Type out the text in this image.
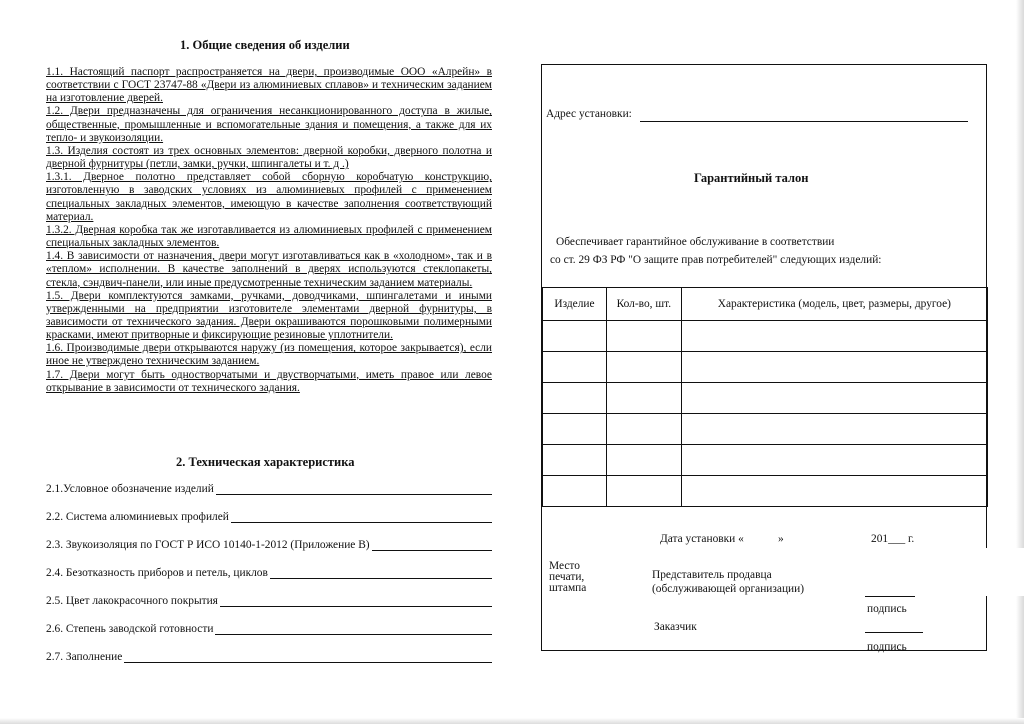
1. Общие сведения об изделии

1.1. Настоящий паспорт распространяется на двери, производимые ООО «Алрейн» в соответствии с ГОСТ 23747-88 «Двери из алюминиевых сплавов» и техническим заданием на изготовление дверей.

1.2. Двери предназначены для ограничения несанкционированного доступа в жилые, общественные, промышленные и вспомогательные здания и помещения, а также для их тепло- и звукоизоляции.

1.3. Изделия состоят из трех основных элементов: дверной коробки, дверного полотна и дверной фурнитуры (петли, замки, ручки, шпингалеты и т. д .)

1.3.1. Дверное полотно представляет собой сборную коробчатую конструкцию, изготовленную в заводских условиях из алюминиевых профилей с применением специальных закладных элементов, имеющую в качестве заполнения соответствующий материал.

1.3.2. Дверная коробка так же изготавливается из алюминиевых профилей с применением специальных закладных элементов.

1.4. В зависимости от назначения, двери могут изготавливаться как в «холодном», так и в «теплом» исполнении. В качестве заполнений в дверях используются стеклопакеты, стекла, сэндвич-панели, или иные предусмотренные техническим заданием материалы.

1.5. Двери комплектуются замками, ручками, доводчиками, шпингалетами и иными утвержденными на предприятии изготовителе элементами дверной фурнитуры, в зависимости от технического задания. Двери окрашиваются порошковыми полимерными красками, имеют притворные и фиксирующие резиновые уплотнители.

1.6. Производимые двери открываются наружу (из помещения, которое закрывается), если иное не утверждено техническим заданием.

1.7. Двери могут быть одностворчатыми и двустворчатыми, иметь правое или левое открывание в зависимости от технического задания.

2. Техническая характеристика
2.1.Условное обозначение изделий
2.2. Система алюминиевых профилей
2.3. Звукоизоляция по ГОСТ Р ИСО 10140-1-2012 (Приложение В)
2.4. Безотказность приборов и петель, циклов
2.5. Цвет лакокрасочного покрытия
2.6. Степень заводской готовности
2.7. Заполнение
Адрес установки:
Гарантийный талон
Обеспечивает гарантийное обслуживание в соответствии
со ст. 29 ФЗ РФ "О защите прав потребителей" следующих изделий:
Изделие	Кол-во, шт.	Характеристика (модель, цвет, размеры, другое)

Дата установки «	»	201___ г.
Место
печати,
штампа
Представитель продавца
(обслуживающей организации)
подпись
Заказчик
подпись
